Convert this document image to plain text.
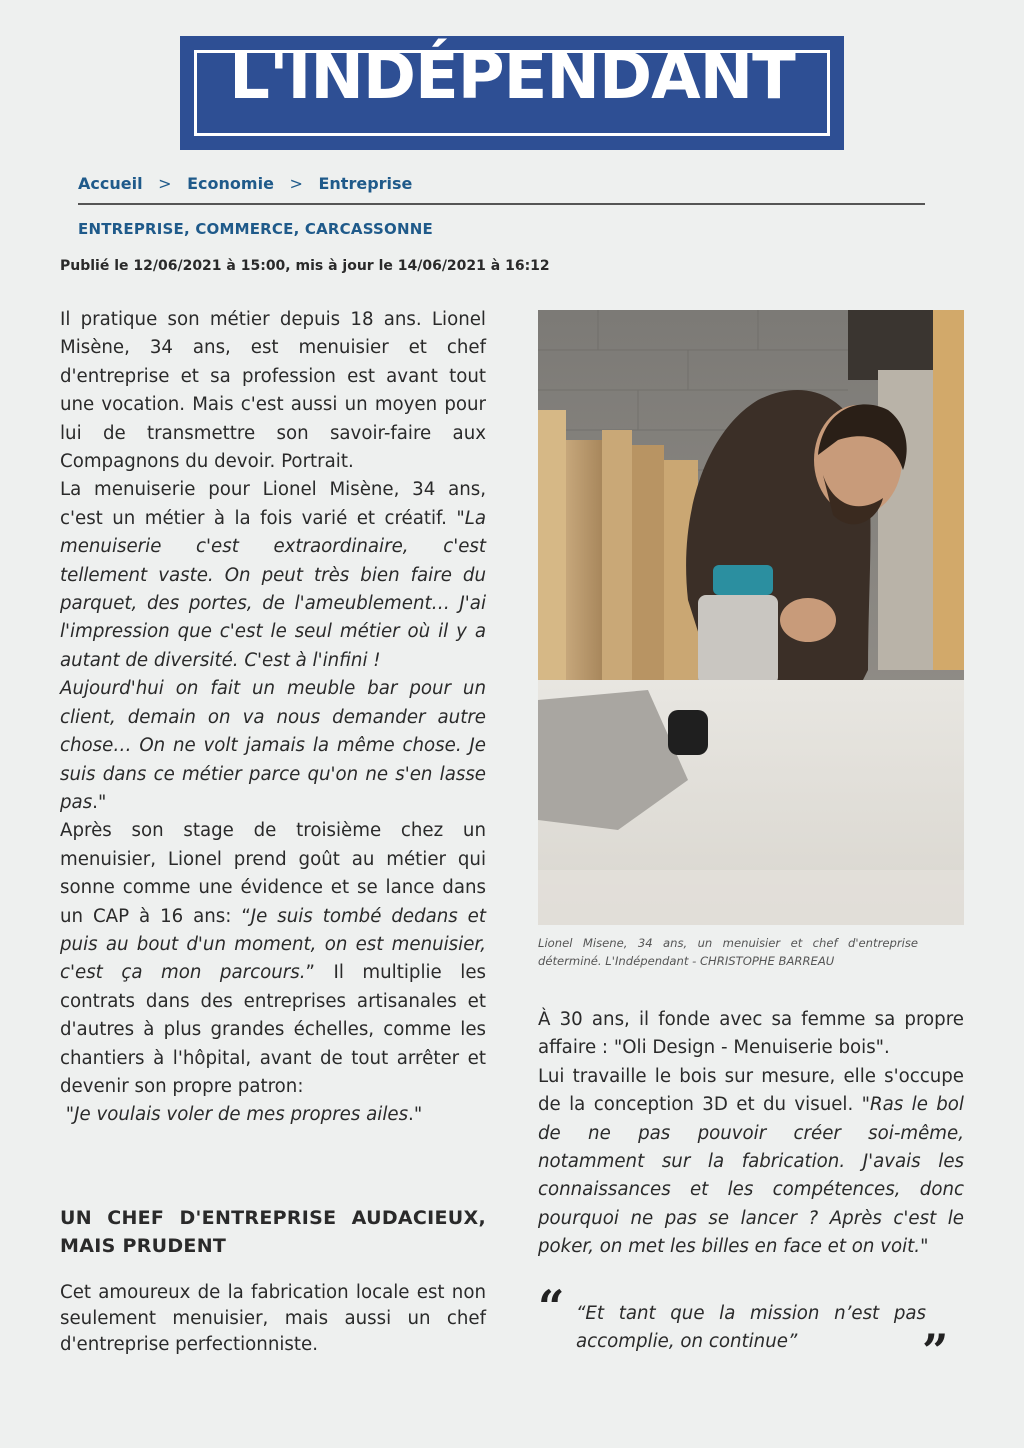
L'INDÉPENDANT
Accueil > Economie > Entreprise
ENTREPRISE, COMMERCE, CARCASSONNE
Publié le 12/06/2021 à 15:00, mis à jour le 14/06/2021 à 16:12

Il pratique son métier depuis 18 ans. Lionel Misène, 34 ans, est menuisier et chef d'entreprise et sa profession est avant tout une vocation. Mais c'est aussi un moyen pour lui de transmettre son savoir-faire aux Compagnons du devoir. Portrait.

La menuiserie pour Lionel Misène, 34 ans, c'est un métier à la fois varié et créatif. "La menuiserie c'est extraordinaire, c'est tellement vaste. On peut très bien faire du parquet, des portes, de l'ameublement… J'ai l'impression que c'est le seul métier où il y a autant de diversité. C'est à l'infini !

Aujourd'hui on fait un meuble bar pour un client, demain on va nous demander autre chose… On ne volt jamais la même chose. Je suis dans ce métier parce qu'on ne s'en lasse pas."

Après son stage de troisième chez un menuisier, Lionel prend goût au métier qui sonne comme une évidence et se lance dans un CAP à 16 ans: “Je suis tombé dedans et puis au bout d'un moment, on est menuisier, c'est ça mon parcours.” Il multiplie les contrats dans des entreprises artisanales et d'autres à plus grandes échelles, comme les chantiers à l'hôpital, avant de tout arrêter et devenir son propre patron:

"Je voulais voler de mes propres ailes."

UN CHEF D'ENTREPRISE AUDACIEUX, MAIS PRUDENT
Cet amoureux de la fabrication locale est non seulement menuisier, mais aussi un chef d'entreprise perfectionniste.
Lionel Misene, 34 ans, un menuisier et chef d'entreprise déterminé. L'Indépendant - CHRISTOPHE BARREAU

À 30 ans, il fonde avec sa femme sa propre affaire : "Oli Design - Menuiserie bois".

Lui travaille le bois sur mesure, elle s'occupe de la conception 3D et du visuel. "Ras le bol de ne pas pouvoir créer soi-même, notamment sur la fabrication. J'avais les connaissances et les compétences, donc pourquoi ne pas se lancer ? Après c'est le poker, on met les billes en face et on voit."

“ “Et tant que la mission n’est pas accomplie, on continue”	”
